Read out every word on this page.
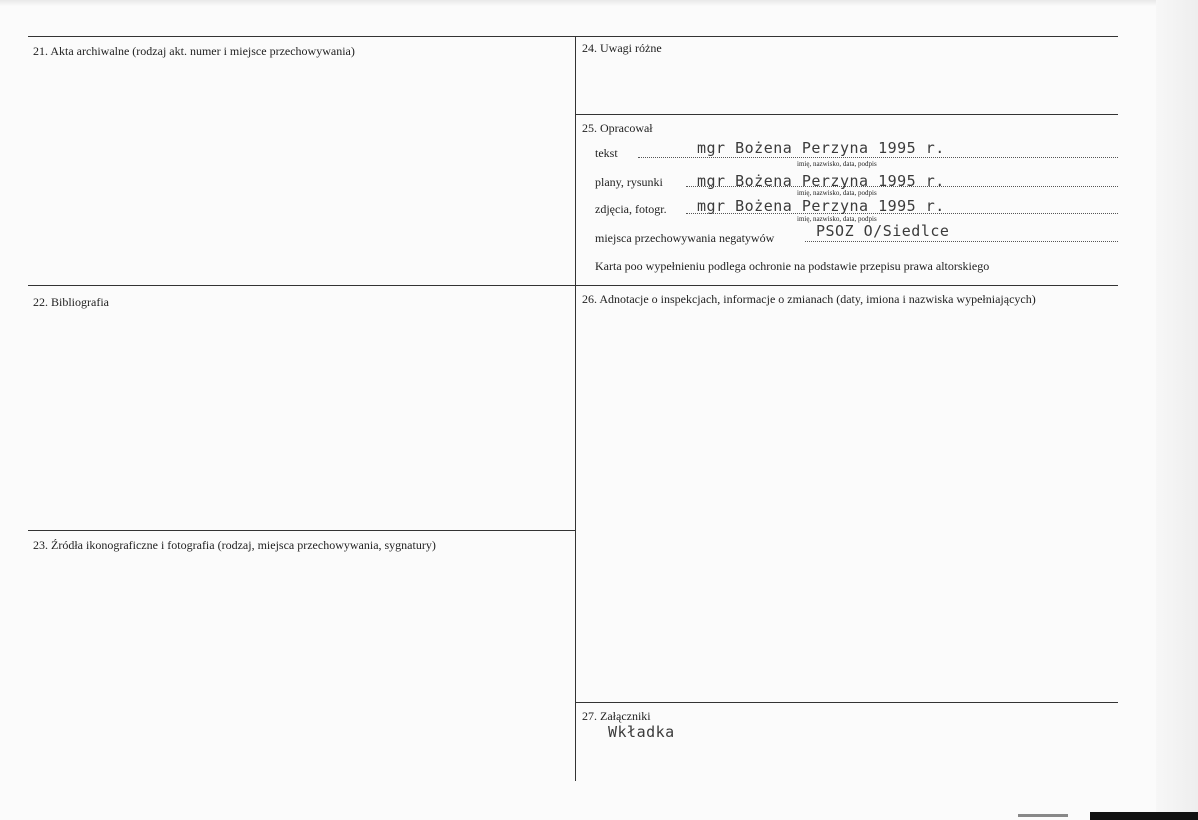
21. Akta archiwalne (rodzaj akt. numer i miejsce przechowywania)	24. Uwagi różne
25. Opracował
22. Bibliografia	26. Adnotacje o inspekcjach, informacje o zmianach (daty, imiona i nazwiska wypełniających)
23. Źródła ikonograficzne i fotografia (rodzaj, miejsca przechowywania, sygnatury)
27. Załączniki
tekst	mgr Bożena Perzyna 1995 r.
imię, nazwisko, data, podpis
plany, rysunki mgr Bożena Perzyna 1995 r.
imię, nazwisko, data, podpis
zdjęcia, fotogr. mgr Bożena Perzyna 1995 r.
imię, nazwisko, data, podpis
miejsca przechowywania negatywów	PSOZ O/Siedlce
Karta poo wypełnieniu podlega ochronie na podstawie przepisu prawa altorskiego
Wkładka
